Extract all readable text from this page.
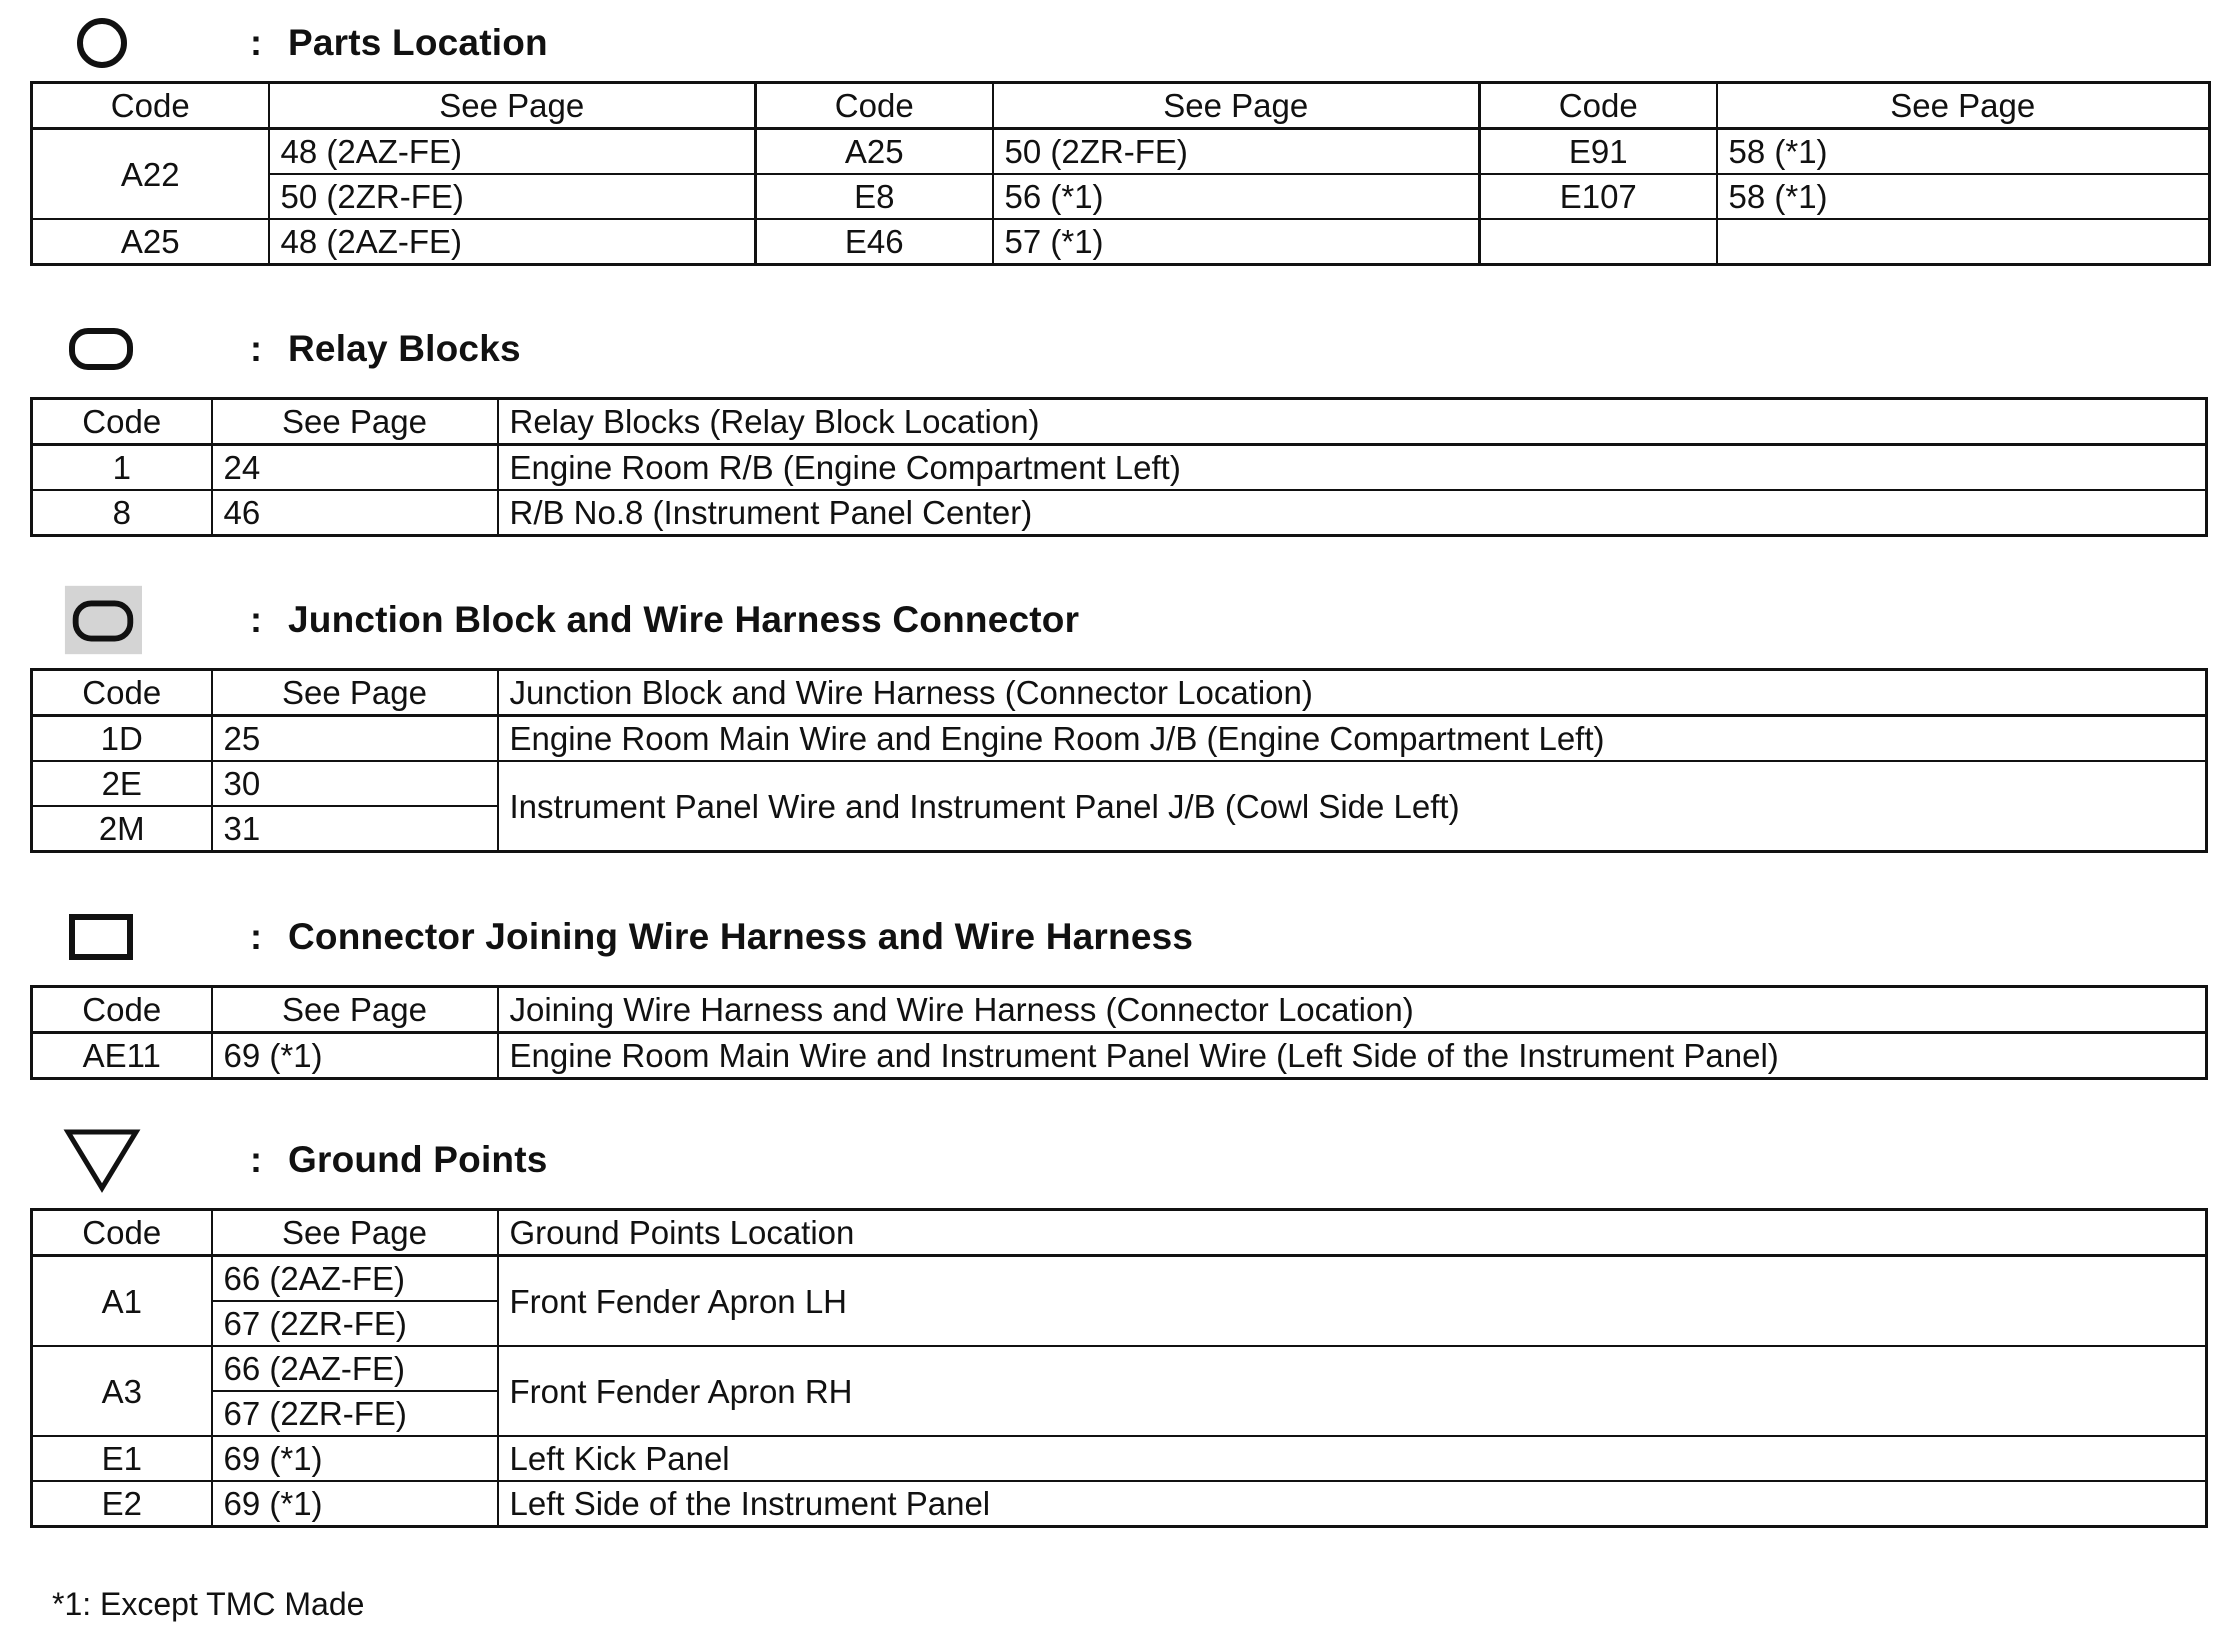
: Parts Location
Code	See Page	Code	See Page	Code	See Page
A22	48 (2AZ-FE)	A25	50 (2ZR-FE)	E91	58 (*1)
	50 (2ZR-FE)	E8	56 (*1)	E107	58 (*1)
A25	48 (2AZ-FE)	E46	57 (*1)		
: Relay Blocks
Code	See Page	Relay Blocks (Relay Block Location)
1	24	Engine Room R/B (Engine Compartment Left)
8	46	R/B No.8 (Instrument Panel Center)
: Junction Block and Wire Harness Connector
Code	See Page	Junction Block and Wire Harness (Connector Location)
1D	25	Engine Room Main Wire and Engine Room J/B (Engine Compartment Left)
2E	30	Instrument Panel Wire and Instrument Panel J/B (Cowl Side Left)
2M	31	
: Connector Joining Wire Harness and Wire Harness
Code	See Page	Joining Wire Harness and Wire Harness (Connector Location)
AE11	69 (*1)	Engine Room Main Wire and Instrument Panel Wire (Left Side of the Instrument Panel)
: Ground Points
Code	See Page	Ground Points Location
A1	66 (2AZ-FE)	Front Fender Apron LH
	67 (2ZR-FE)	
A3	66 (2AZ-FE)	Front Fender Apron RH
	67 (2ZR-FE)	
E1	69 (*1)	Left Kick Panel
E2	69 (*1)	Left Side of the Instrument Panel
*1: Except TMC Made
